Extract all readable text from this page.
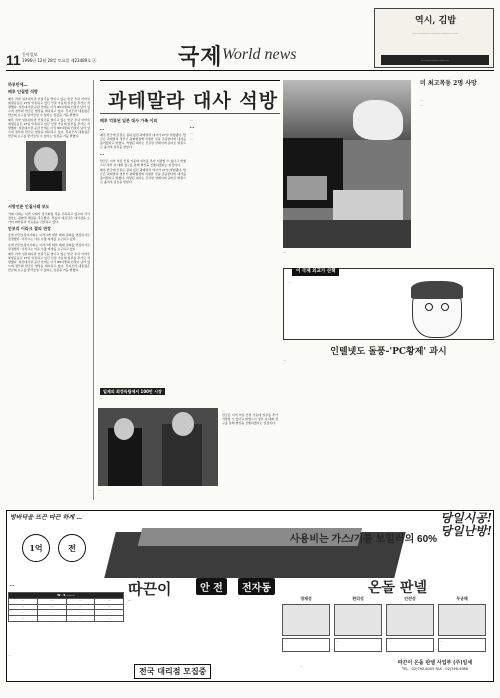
11 동아일보
1996년 12월 28일 토요일 제23489호 ㉦	국제 World news
역시, 김밥
……………………………………
……………………
하루만에…
페루 인질범 석방

페루 리마 일본대사관 인질극을 벌이고 있는 반군 투팍 아마루 혁명운동은 27일 억류하고 있던 인질 가운데 일부를 추가로 석방했다. 일본대사관 공관 안에는 아직 80여명의 인질이 남아 있으며 정부와 반군은 협상을 계속하고 있다. 후지모리 대통령은 반군의 요구를 받아들일 수 없다는 입장을 거듭 밝혔다.

페루 리마 일본대사관 인질극을 벌이고 있는 반군 투팍 아마루 혁명운동은 27일 억류하고 있던 인질 가운데 일부를 추가로 석방했다. 일본대사관 공관 안에는 아직 80여명의 인질이 남아 있으며 정부와 반군은 협상을 계속하고 있다. 후지모리 대통령은 반군의 요구를 받아들일 수 없다는 입장을 거듭 밝혔다.

…
서방언론 인질사태 보도

국제 사회는 이번 사태가 장기화될 것을 우려하고 있으며 각국 정부는 평화적 해결을 촉구했다. 적십자 대표단은 대사관을 오가며 의약품과 식료품을 전달하고 있다.

안보리 이라크 결의 연장

유엔 안전보장이사회는 이라크에 대한 제재 결의를 연장하기로 결정했다. 이라크는 석유 수출 재개를 요구하고 있다.

유엔 안전보장이사회는 이라크에 대한 제재 결의를 연장하기로 결정했다. 이라크는 석유 수출 재개를 요구하고 있다.

페루 리마 일본대사관 인질극을 벌이고 있는 반군 투팍 아마루 혁명운동은 27일 억류하고 있던 인질 가운데 일부를 추가로 석방했다. 일본대사관 공관 안에는 아직 80여명의 인질이 남아 있으며 정부와 반군은 협상을 계속하고 있다. 후지모리 대통령은 반군의 요구를 받아들일 수 없다는 입장을 거듭 밝혔다.

과테말라 대사 석방
페루 억류된 일본 대사 가족 이외
…

페루 반군에 인질로 잡혀 있던 과테말라 대사가 27일 석방됐다. 반군은 과테말라 정부가 평화협정에 서명한 것을 존중한다며 대사를 풀어줬다고 밝혔다. 석방된 대사는 건강한 상태이며 곧바로 병원으로 옮겨져 검진을 받았다.

…

반군은 이어 억류 인질 가운데 일부를 추가 석방할 수 있다고 밝혔으나 정부 측 대화 창구를 통해 협상을 진행하겠다는 입장이다.

페루 반군에 인질로 잡혀 있던 과테말라 대사가 27일 석방됐다. 반군은 과테말라 정부가 평화협정에 서명한 것을 존중한다며 대사를 풀어줬다고 밝혔다. 석방된 대사는 건강한 상태이며 곧바로 병원으로 옮겨져 검진을 받았다.

…

…

…

…

일제의 최정독립에서 100만 시장
…
…

…

반군은 이어 억류 인질 가운데 일부를 추가 석방할 수 있다고 밝혔으나 정부 측 대화 창구를 통해 협상을 진행하겠다는 입장이다.

…
미 최고목동 2명 사망

…

…

이 국제 외교가 산책

…

인텔넷도 돌풍-'PC황제' 과시

…

방바닥을 뜨끈 따끈 하게 …	당일시공!
당일난방!
1억	전
사용비는 가스/기름 보일러의 60%
따끈이	안 전	전자동	온돌 판넬
…
W - S ………			
…	…	…	…
…	…	…	…
…	…	…	…
…	…	…	…
…	경제성	편리성	안전성	무공해
…	…	…	…
…
전국 대리점 모집중
…	따끈이 온돌 판넬 사업부 (주)일세
TEL : 02)792-8005 FAX : 02)796-4988
